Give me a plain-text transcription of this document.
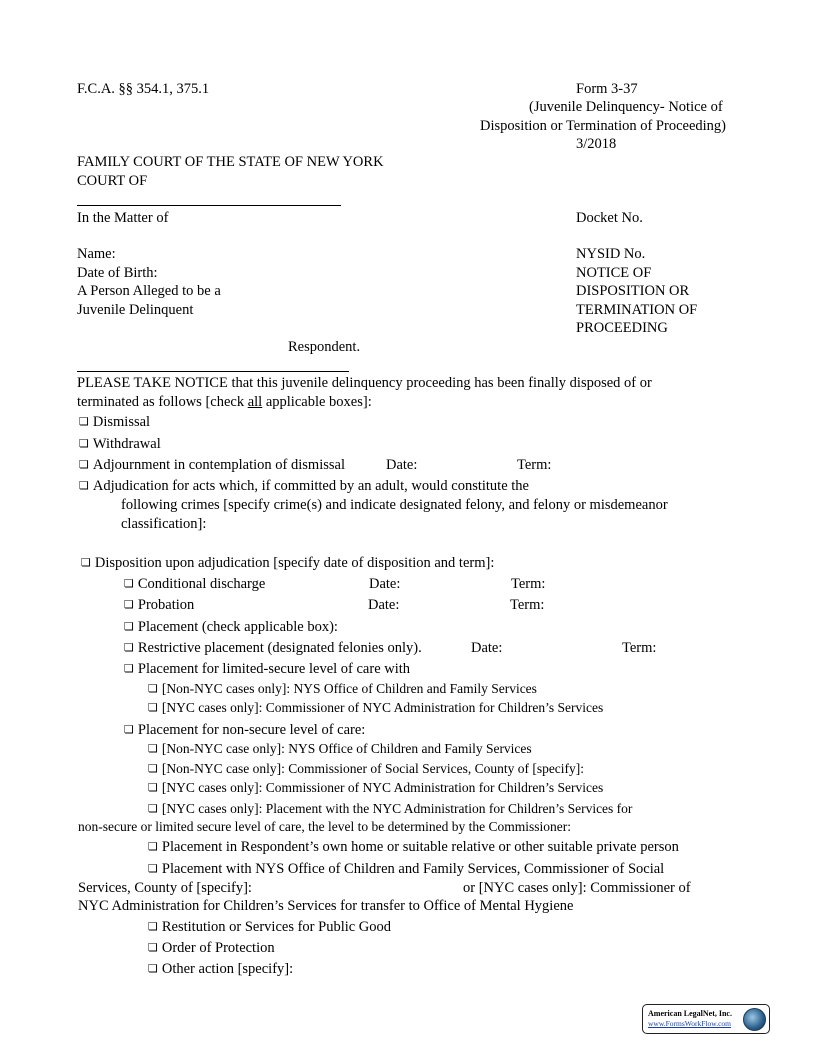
F.C.A. §§ 354.1, 375.1	Form 3-37
(Juvenile Delinquency- Notice of
Disposition or Termination of Proceeding)
3/2018
FAMILY COURT OF THE STATE OF NEW YORK
COURT OF
In the Matter of	Docket No.
Name:	NYSID No.
Date of Birth:	NOTICE OF
A Person Alleged to be a	DISPOSITION OR
Juvenile Delinquent	TERMINATION OF
PROCEEDING
Respondent.
PLEASE TAKE NOTICE that this juvenile delinquency proceeding has been finally disposed of or
terminated as follows [check all applicable boxes]:
❏ Dismissal
❏ Withdrawal
❏ Adjournment in contemplation of dismissal	Date:	Term:
❏ Adjudication for acts which, if committed by an adult, would constitute the
following crimes [specify crime(s) and indicate designated felony, and felony or misdemeanor
classification]:
❏ Disposition upon adjudication [specify date of disposition and term]:
❏ Conditional discharge	Date:	Term:
❏ Probation	Date:	Term:
❏ Placement (check applicable box):
❏ Restrictive placement (designated felonies only).	Date:	Term:
❏ Placement for limited-secure level of care with
❏ [Non-NYC cases only]: NYS Office of Children and Family Services
❏ [NYC cases only]: Commissioner of NYC Administration for Children’s Services
❏ Placement for non-secure level of care:
❏ [Non-NYC case only]: NYS Office of Children and Family Services
❏ [Non-NYC case only]: Commissioner of Social Services, County of [specify]:
❏ [NYC cases only]: Commissioner of NYC Administration for Children’s Services
❏ [NYC cases only]: Placement with the NYC Administration for Children’s Services for
non-secure or limited secure level of care, the level to be determined by the Commissioner:
❏ Placement in Respondent’s own home or suitable relative or other suitable private person
❏ Placement with NYS Office of Children and Family Services, Commissioner of Social
Services, County of [specify]:	or [NYC cases only]: Commissioner of
NYC Administration for Children’s Services for transfer to Office of Mental Hygiene
❏ Restitution or Services for Public Good
❏ Order of Protection
❏ Other action [specify]:
American LegalNet, Inc.
www.FormsWorkFlow.com
